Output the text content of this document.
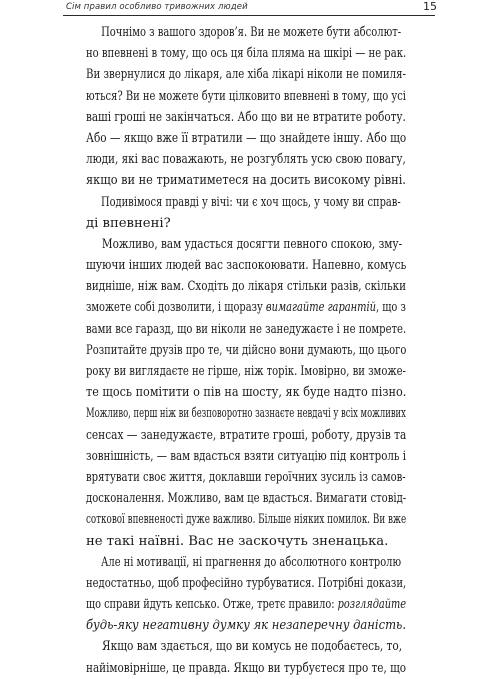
Сім правил особливо тривожних людей	15
Почнімо з вашого здоров’я. Ви не можете бути абсолют-
но впевнені в тому, що ось ця біла пляма на шкірі — не рак.
Ви звернулися до лікаря, але хіба лікарі ніколи не помиля-
ються? Ви не можете бути цілковито впевнені в тому, що усі
ваші гроші не закінчаться. Або що ви не втратите роботу.
Або — якщо вже її втратили — що знайдете іншу. Або що
люди, які вас поважають, не розгублять усю свою повагу,
якщо ви не триматиметеся на досить високому рівні.
Подивімося правді у вічі: чи є хоч щось, у чому ви справ-
ді впевнені?
Можливо, вам удасться досягти певного спокою, зму-
шуючи інших людей вас заспокоювати. Напевно, комусь
видніше, ніж вам. Сходіть до лікаря стільки разів, скільки
зможете собі дозволити, і щоразу вимагайте гарантій, що з
вами все гаразд, що ви ніколи не занедужаєте і не помрете.
Розпитайте друзів про те, чи дійсно вони думають, що цього
року ви виглядаєте не гірше, ніж торік. Імовірно, ви зможе-
те щось помітити о пів на шосту, як буде надто пізно.
Можливо, перш ніж ви безповоротно зазнаєте невдачі у всіх можливих
сенсах — занедужаєте, втратите гроші, роботу, друзів та
зовнішність, — вам вдасться взяти ситуацію під контроль і
врятувати своє життя, доклавши героїчних зусиль із самов-
досконалення. Можливо, вам це вдасться. Вимагати стовід-
соткової впевненості дуже важливо. Більше ніяких помилок. Ви вже
не такі наївні. Вас не заскочуть зненацька.
Але ні мотивації, ні прагнення до абсолютного контролю
недостатньо, щоб професійно турбуватися. Потрібні докази,
що справи йдуть кепсько. Отже, третє правило: розглядайте
будь-яку негативну думку як незаперечну даність.
Якщо вам здається, що ви комусь не подобаєтесь, то,
найімовірніше, це правда. Якщо ви турбуєтеся про те, що
